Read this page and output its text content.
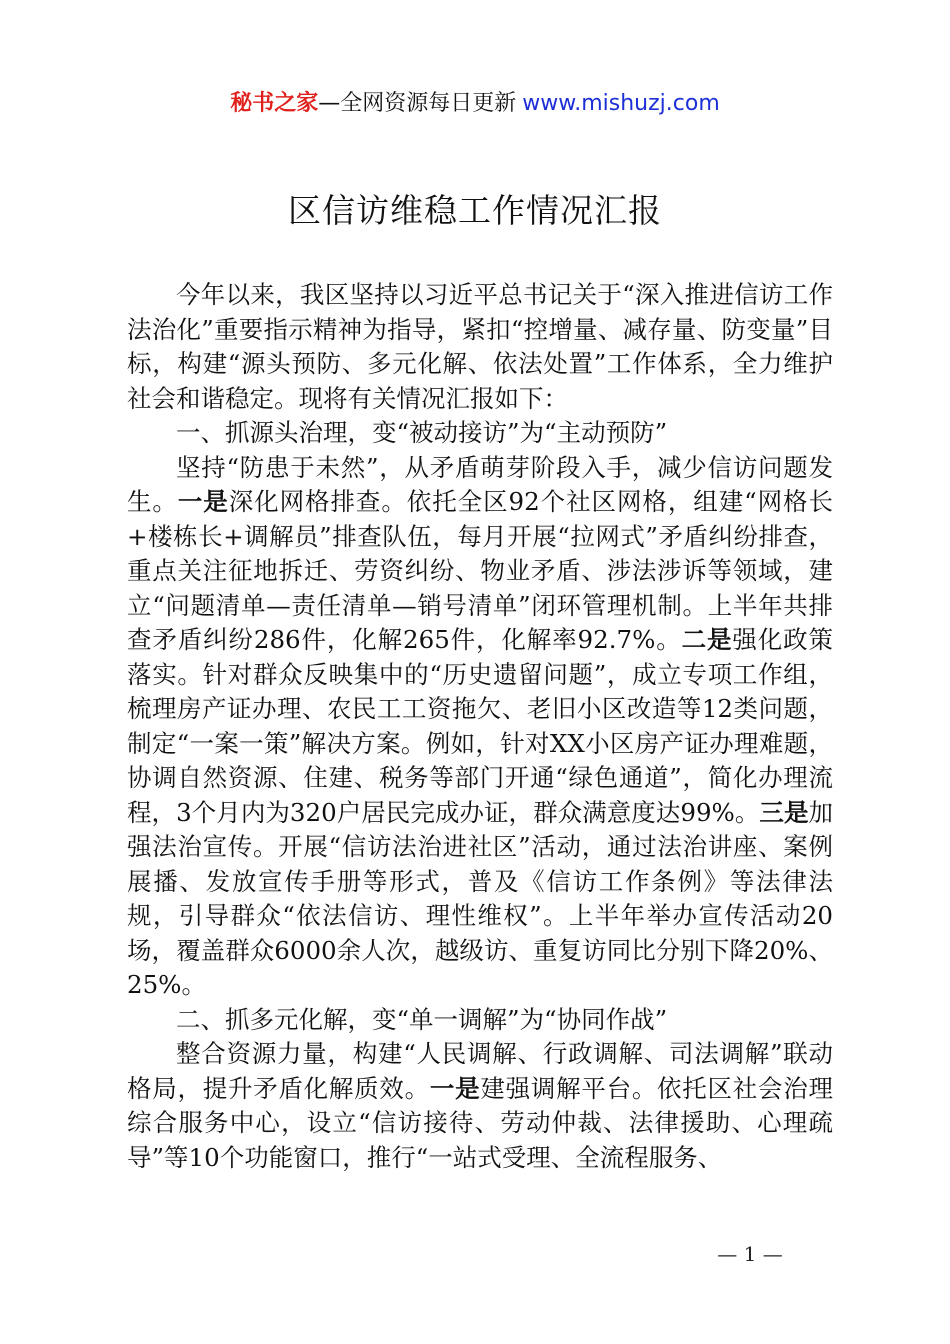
秘书之家—全网资源每日更新 www.mishuzj.com
区信访维稳工作情况汇报

今年以来，我区坚持以习近平总书记关于“深入推进信访工作法治化”重要指示精神为指导，紧扣“控增量、减存量、防变量”目标，构建“源头预防、多元化解、依法处置”工作体系，全力维护社会和谐稳定。现将有关情况汇报如下：

一、抓源头治理，变“被动接访”为“主动预防”

坚持“防患于未然”，从矛盾萌芽阶段入手，减少信访问题发生。一是深化网格排查。依托全区92个社区网格，组建“网格长+楼栋长+调解员”排查队伍，每月开展“拉网式”矛盾纠纷排查，重点关注征地拆迁、劳资纠纷、物业矛盾、涉法涉诉等领域，建立“问题清单—责任清单—销号清单”闭环管理机制。上半年共排查矛盾纠纷286件，化解265件，化解率92.7%。二是强化政策落实。针对群众反映集中的“历史遗留问题”，成立专项工作组，梳理房产证办理、农民工工资拖欠、老旧小区改造等12类问题，制定“一案一策”解决方案。例如，针对XX小区房产证办理难题，协调自然资源、住建、税务等部门开通“绿色通道”，简化办理流程，3个月内为320户居民完成办证，群众满意度达99%。三是加强法治宣传。开展“信访法治进社区”活动，通过法治讲座、案例展播、发放宣传手册等形式，普及《信访工作条例》等法律法规，引导群众“依法信访、理性维权”。上半年举办宣传活动20场，覆盖群众6000余人次，越级访、重复访同比分别下降20%、25%。

二、抓多元化解，变“单一调解”为“协同作战”

整合资源力量，构建“人民调解、行政调解、司法调解”联动格局，提升矛盾化解质效。一是建强调解平台。依托区社会治理综合服务中心，设立“信访接待、劳动仲裁、法律援助、心理疏导”等10个功能窗口，推行“一站式受理、全流程服务、

— 1 —
